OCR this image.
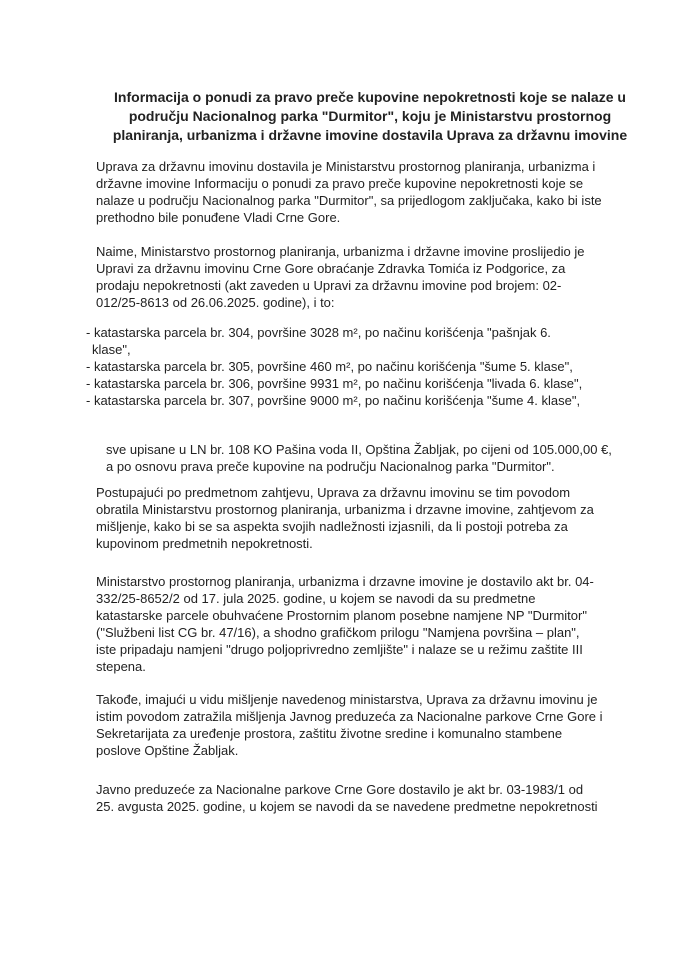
Informacija o ponudi za pravo preče kupovine nepokretnosti koje se nalaze u
području Nacionalnog parka "Durmitor", koju je Ministarstvu prostornog
planiranja, urbanizma i državne imovine dostavila Uprava za državnu imovine
Uprava za državnu imovinu dostavila je Ministarstvu prostornog planiranja, urbanizma i
državne imovine Informaciju o ponudi za pravo preče kupovine nepokretnosti koje se
nalaze u području Nacionalnog parka "Durmitor", sa prijedlogom zaključaka, kako bi iste
prethodno bile ponuđene Vladi Crne Gore.
Naime, Ministarstvo prostornog planiranja, urbanizma i državne imovine proslijedio je
Upravi za državnu imovinu Crne Gore obraćanje Zdravka Tomića iz Podgorice, za
prodaju nepokretnosti (akt zaveden u Upravi za državnu imovine pod brojem: 02-
012/25-8613 od 26.06.2025. godine), i to:
- katastarska parcela br. 304, površine 3028 m², po načinu korišćenja "pašnjak 6.
klase",
- katastarska parcela br. 305, površine 460 m², po načinu korišćenja "šume 5. klase",
- katastarska parcela br. 306, površine 9931 m², po načinu korišćenja "livada 6. klase",
- katastarska parcela br. 307, površine 9000 m², po načinu korišćenja "šume 4. klase",
sve upisane u LN br. 108 KO Pašina voda II, Opština Žabljak, po cijeni od 105.000,00 €,
a po osnovu prava preče kupovine na području Nacionalnog parka "Durmitor".
Postupajući po predmetnom zahtjevu, Uprava za državnu imovinu se tim povodom
obratila Ministarstvu prostornog planiranja, urbanizma i drzavne imovine, zahtjevom za
mišljenje, kako bi se sa aspekta svojih nadležnosti izjasnili, da li postoji potreba za
kupovinom predmetnih nepokretnosti.
Ministarstvo prostornog planiranja, urbanizma i drzavne imovine je dostavilo akt br. 04-
332/25-8652/2 od 17. jula 2025. godine, u kojem se navodi da su predmetne
katastarske parcele obuhvaćene Prostornim planom posebne namjene NP "Durmitor"
("Službeni list CG br. 47/16), a shodno grafičkom prilogu "Namjena površina – plan",
iste pripadaju namjeni "drugo poljoprivredno zemljište" i nalaze se u režimu zaštite III
stepena.
Takođe, imajući u vidu mišljenje navedenog ministarstva, Uprava za državnu imovinu je
istim povodom zatražila mišljenja Javnog preduzeća za Nacionalne parkove Crne Gore i
Sekretarijata za uređenje prostora, zaštitu životne sredine i komunalno stambene
poslove Opštine Žabljak.
Javno preduzeće za Nacionalne parkove Crne Gore dostavilo je akt br. 03-1983/1 od
25. avgusta 2025. godine, u kojem se navodi da se navedene predmetne nepokretnosti
